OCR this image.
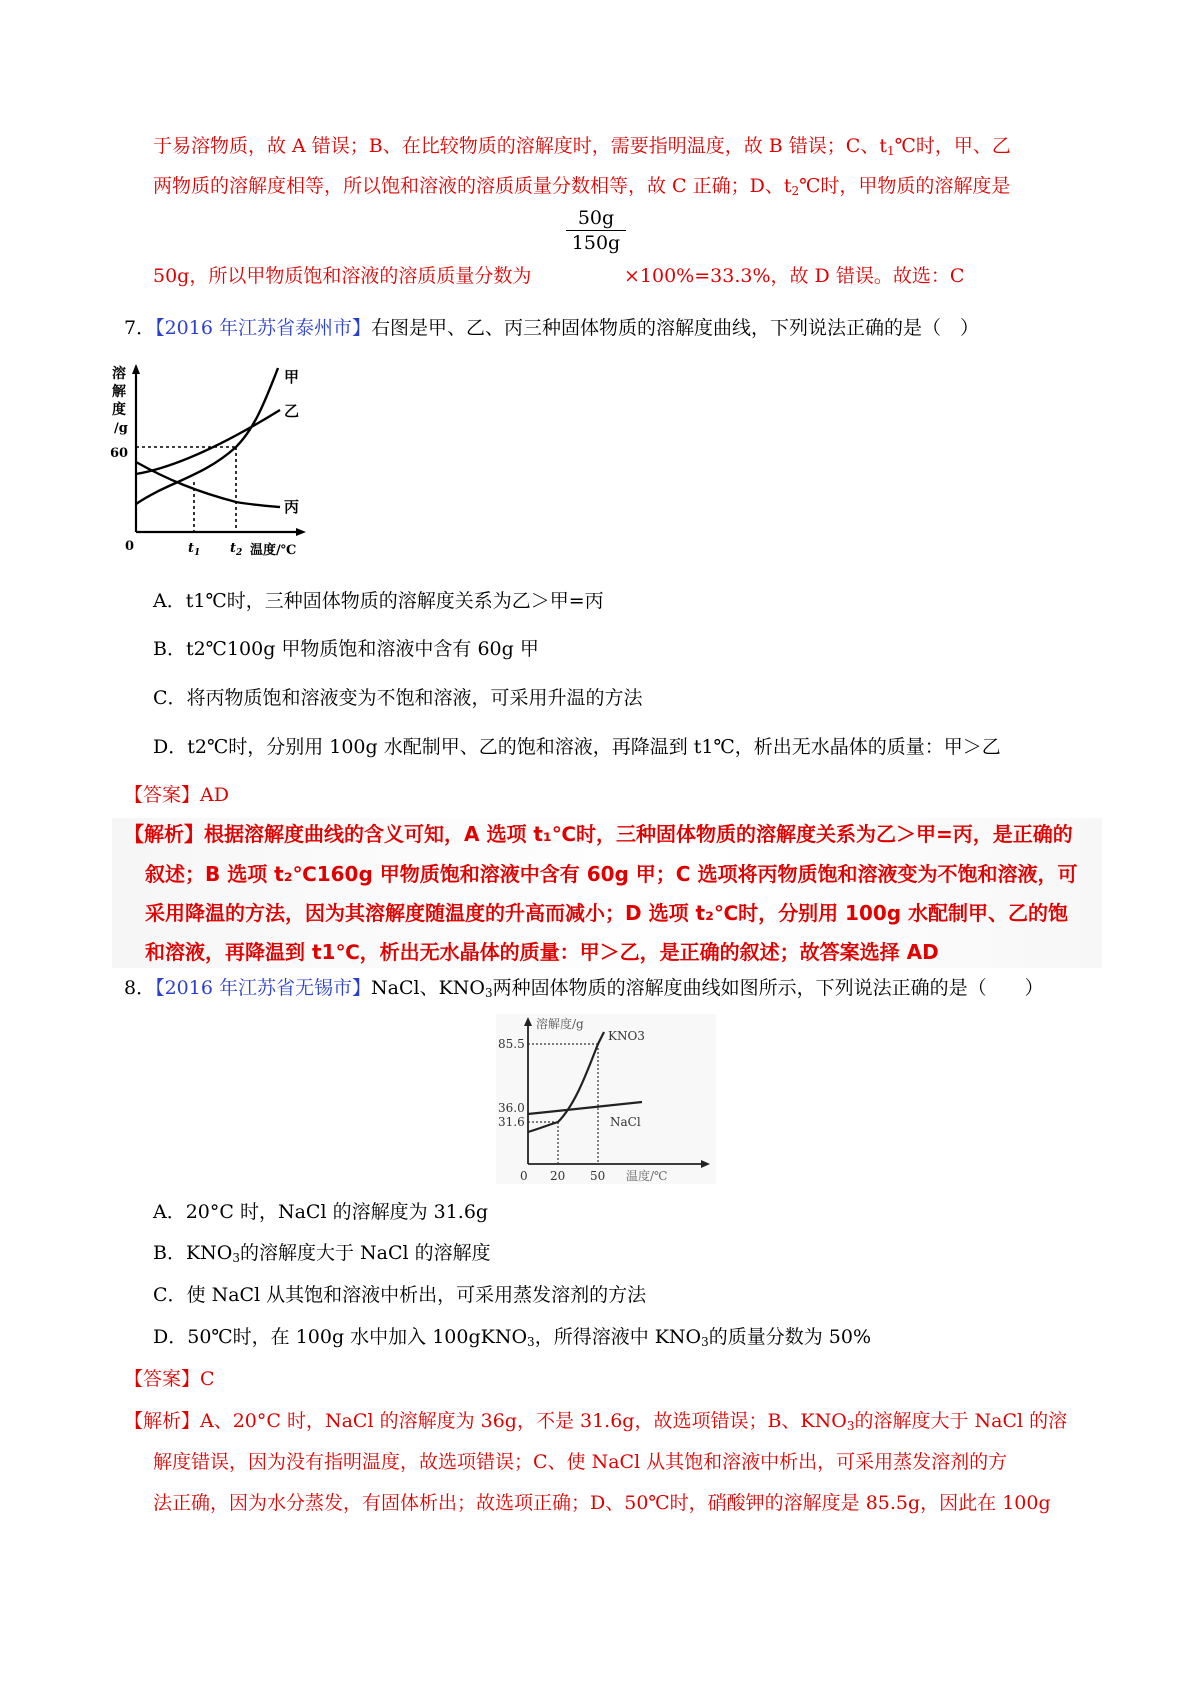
于易溶物质，故 A 错误；B、在比较物质的溶解度时，需要指明温度，故 B 错误；C、$t_1℃$时，甲、乙
两物质的溶解度相等，所以饱和溶液的溶质质量分数相等，故 C 正确；D、$t_2℃$时，甲物质的溶解度是
$\frac{50g}{150g}$
50g，所以甲物质饱和溶液的溶质质量分数为	×100%=33.3%，故 D 错误。故选：C
7．【2016 年江苏省泰州市】右图是甲、乙、丙三种固体物质的溶解度曲线，下列说法正确的是（　）
溶
解
度
/g
60
0
甲
乙
丙
$t_1$ $t_2$ 温度/℃
A．t1℃时，三种固体物质的溶解度关系为乙＞甲=丙
B．t2℃100g 甲物质饱和溶液中含有 60g 甲
C．将丙物质饱和溶液变为不饱和溶液，可采用升温的方法
D．t2℃时，分别用 100g 水配制甲、乙的饱和溶液，再降温到 t1℃，析出无水晶体的质量：甲＞乙
【答案】AD
【解析】根据溶解度曲线的含义可知，A 选项 t₁℃时，三种固体物质的溶解度关系为乙＞甲=丙，是正确的
叙述；B 选项 t₂℃160g 甲物质饱和溶液中含有 60g 甲；C 选项将丙物质饱和溶液变为不饱和溶液，可
采用降温的方法，因为其溶解度随温度的升高而减小；D 选项 t₂℃时，分别用 100g 水配制甲、乙的饱
和溶液，再降温到 t1℃，析出无水晶体的质量：甲＞乙，是正确的叙述；故答案选择 AD
8．【2016 年江苏省无锡市】NaCl、$KNO_3$两种固体物质的溶解度曲线如图所示，下列说法正确的是（　　）
溶解度/g
85.5
36.0
31.6
KNO3
NaCl
0 20 50 温度/℃
A．20°C 时，NaCl 的溶解度为 31.6g
B．$KNO_3$的溶解度大于 NaCl 的溶解度
C．使 NaCl 从其饱和溶液中析出，可采用蒸发溶剂的方法
D．50℃时，在 100g 水中加入 100gKNO$_3$，所得溶液中 $KNO_3$的质量分数为 50%
【答案】C
【解析】A、20°C 时，NaCl 的溶解度为 36g，不是 31.6g，故选项错误；B、$KNO_3$的溶解度大于 NaCl 的溶
解度错误，因为没有指明温度，故选项错误；C、使 NaCl 从其饱和溶液中析出，可采用蒸发溶剂的方
法正确，因为水分蒸发，有固体析出；故选项正确；D、50℃时，硝酸钾的溶解度是 85.5g，因此在 100g
